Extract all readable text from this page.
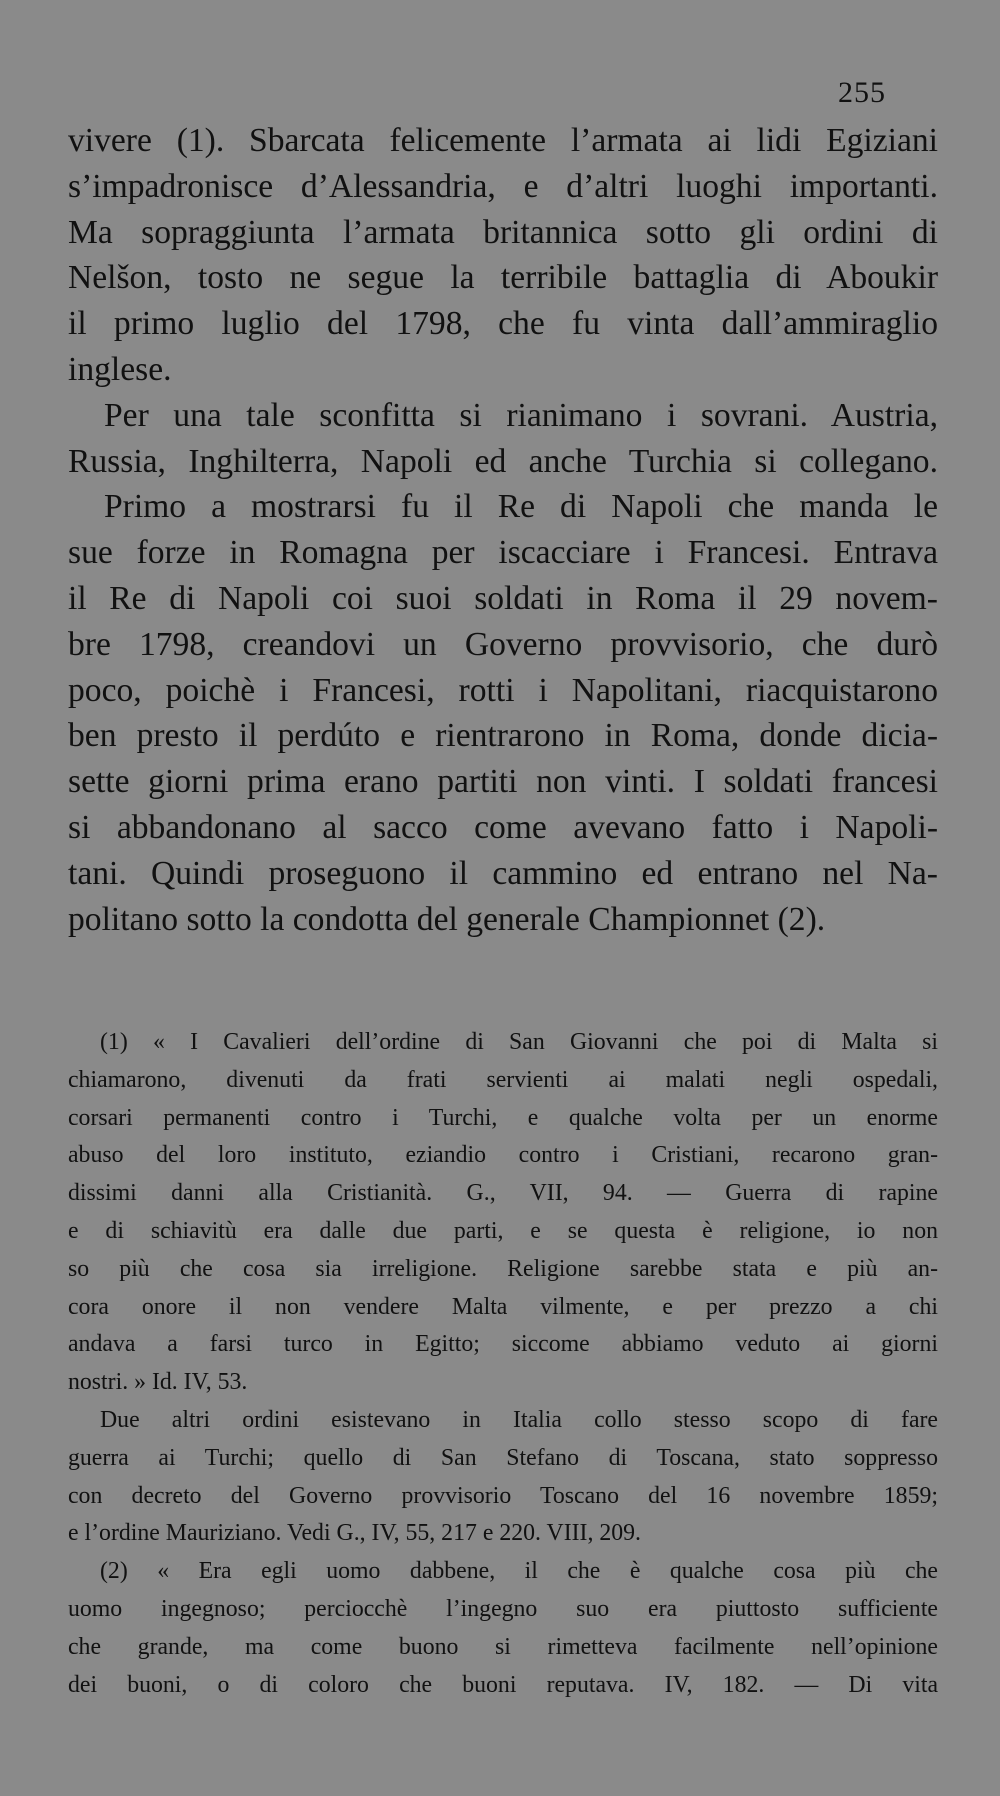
255

vivere (1). Sbarcata felicemente l’armata ai lidi Egiziani
s’impadronisce d’Alessandria, e d’altri luoghi importanti.
Ma sopraggiunta l’armata britannica sotto gli ordini di
Nelšon, tosto ne segue la terribile battaglia di Aboukir
il primo luglio del 1798, che fu vinta dall’ammiraglio
inglese.

Per una tale sconfitta si rianimano i sovrani. Austria,
Russia, Inghilterra, Napoli ed anche Turchia si collegano.
Primo a mostrarsi fu il Re di Napoli che manda le
sue forze in Romagna per iscacciare i Francesi. Entrava
il Re di Napoli coi suoi soldati in Roma il 29 novem-
bre 1798, creandovi un Governo provvisorio, che durò
poco, poichè i Francesi, rotti i Napolitani, riacquistarono
ben presto il perdúto e rientrarono in Roma, donde dicia-
sette giorni prima erano partiti non vinti. I soldati francesi
si abbandonano al sacco come avevano fatto i Napoli-
tani. Quindi proseguono il cammino ed entrano nel Na-
politano sotto la condotta del generale Championnet (2).

(1) « I Cavalieri dell’ordine di San Giovanni che poi di Malta si
chiamarono, divenuti da frati servienti ai malati negli ospedali,
corsari permanenti contro i Turchi, e qualche volta per un enorme
abuso del loro instituto, eziandio contro i Cristiani, recarono gran-
dissimi danni alla Cristianità. G., VII, 94. — Guerra di rapine
e di schiavitù era dalle due parti, e se questa è religione, io non
so più che cosa sia irreligione. Religione sarebbe stata e più an-
cora onore il non vendere Malta vilmente, e per prezzo a chi
andava a farsi turco in Egitto; siccome abbiamo veduto ai giorni
nostri. » Id. IV, 53.

Due altri ordini esistevano in Italia collo stesso scopo di fare
guerra ai Turchi; quello di San Stefano di Toscana, stato soppresso
con decreto del Governo provvisorio Toscano del 16 novembre 1859;
e l’ordine Mauriziano. Vedi G., IV, 55, 217 e 220. VIII, 209.

(2) « Era egli uomo dabbene, il che è qualche cosa più che
uomo ingegnoso; perciocchè l’ingegno suo era piuttosto sufficiente
che grande, ma come buono si rimetteva facilmente nell’opinione
dei buoni, o di coloro che buoni reputava. IV, 182. — Di vita
